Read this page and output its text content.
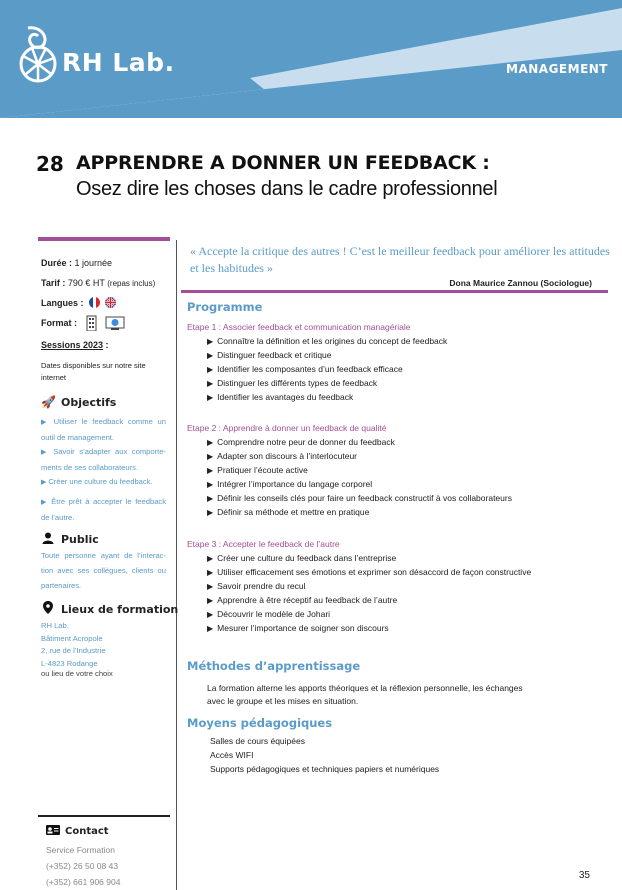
RH Lab.	MANAGEMENT
28 APPRENDRE A DONNER UN FEEDBACK :
Osez dire les choses dans le cadre professionnel
Durée : 1 journée
Tarif : 790 € HT (repas inclus)
Langues :
Format :
Sessions 2023 :
Dates disponibles sur notre site
internet
🚀 Objectifs
▶ Utiliser le feedback comme un outil de management.
▶ Savoir s’adapter aux comporte-ments de ses collaborateurs.
▶ Créer une culture du feedback.
▶ Être prêt à accepter le feedback de l’autre.
Public
Toute personne ayant de l’interac-tion avec ses collègues, clients ou partenaires.
Lieux de formation
RH Lab.
Bâtiment Acropole
2, rue de l’Industrie
L-4823 Rodange
ou lieu de votre choix
Contact
Service Formation
(+352) 26 50 08 43
(+352) 661 906 904
« Accepte la critique des autres ! C’est le meilleur feedback pour améliorer les attitudes et les habitudes »
Dona Maurice Zannou (Sociologue)
Programme
Etape 1 : Associer feedback et communication managériale
▶ Connaître la définition et les origines du concept de feedback
▶ Distinguer feedback et critique
▶ Identifier les composantes d’un feedback efficace
▶ Distinguer les différents types de feedback
▶ Identifier les avantages du feedback
Etape 2 : Apprendre à donner un feedback de qualité
▶ Comprendre notre peur de donner du feedback
▶ Adapter son discours à l’interlocuteur
▶ Pratiquer l’écoute active
▶ Intégrer l’importance du langage corporel
▶ Définir les conseils clés pour faire un feedback constructif à vos collaborateurs
▶ Définir sa méthode et mettre en pratique
Etape 3 : Accepter le feedback de l’autre
▶ Créer une culture du feedback dans l’entreprise
▶ Utiliser efficacement ses émotions et exprimer son désaccord de façon constructive
▶ Savoir prendre du recul
▶ Apprendre à être réceptif au feedback de l’autre
▶ Découvrir le modèle de Johari
▶ Mesurer l’importance de soigner son discours
Méthodes d’apprentissage
La formation alterne les apports théoriques et la réflexion personnelle, les échanges
avec le groupe et les mises en situation.
Moyens pédagogiques
Salles de cours équipées
Accès WIFI
Supports pédagogiques et techniques papiers et numériques
35
